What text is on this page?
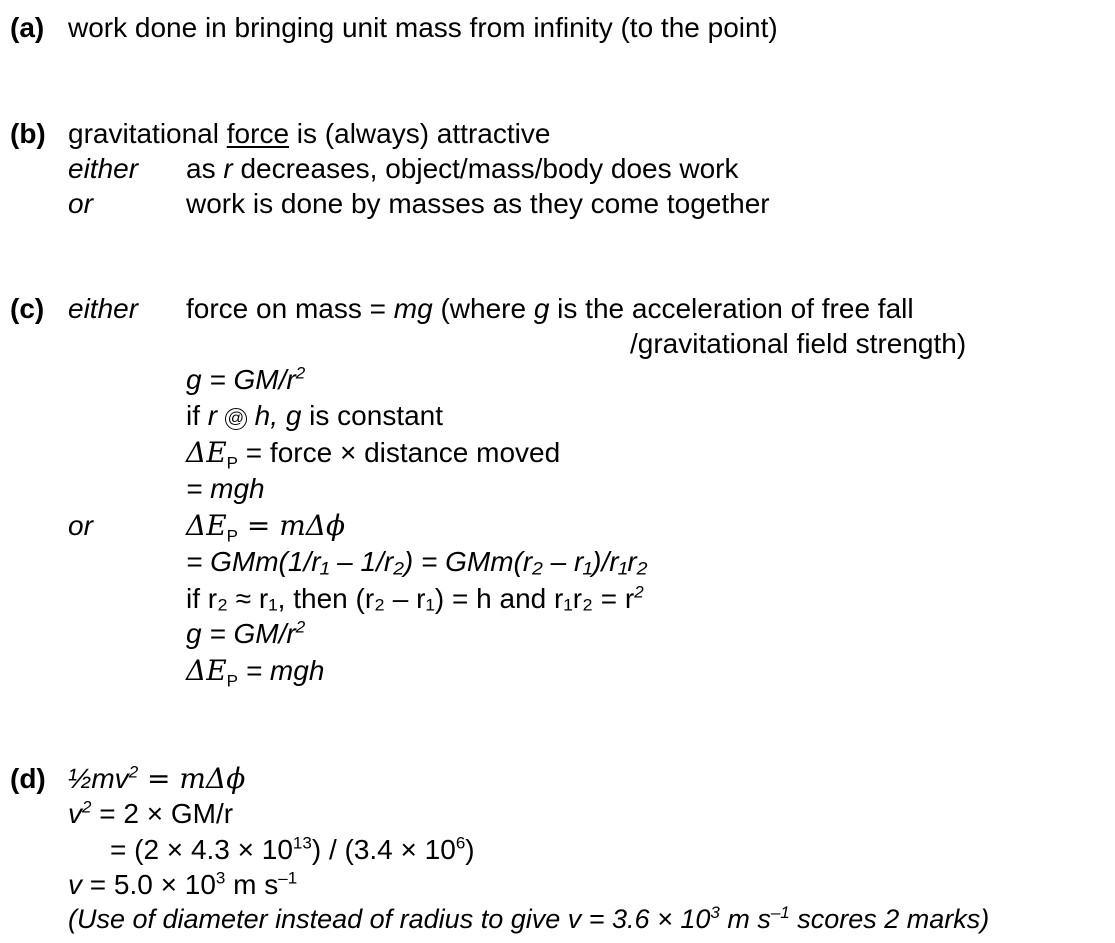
(a) work done in bringing unit mass from infinity (to the point)
(b) gravitational force is (always) attractive
either as r decreases, object/mass/body does work
or	work is done by masses as they come together
(c) either force on mass = mg (where g is the acceleration of free fall
/gravitational field strength)
$g = GM/r^2$
if r @ h, g is constant
$\Delta E_P$ = force × distance moved
= mgh
or	$\Delta E_P = m\Delta\phi$
= GMm(1/r₁ – 1/r₂) = GMm(r₂ – r₁)/r₁r₂
if r₂ ≈ r₁, then (r₂ – r₁) = h and $r_1r_2 = r^2$
$g = GM/r^2$
$\Delta E_P$ = mgh
(d) $\frac{1}{2}mv^2 = m\Delta\phi$
$v^2 = 2 \times GM/r$
= $(2 \times 4.3 \times 10^{13}) / (3.4 \times 10^6)$
$v = 5.0 \times 10^3$ m $s^{-1}$
(Use of diameter instead of radius to give $v = 3.6 \times 10^3$ m $s^{-1}$ scores 2 marks)
